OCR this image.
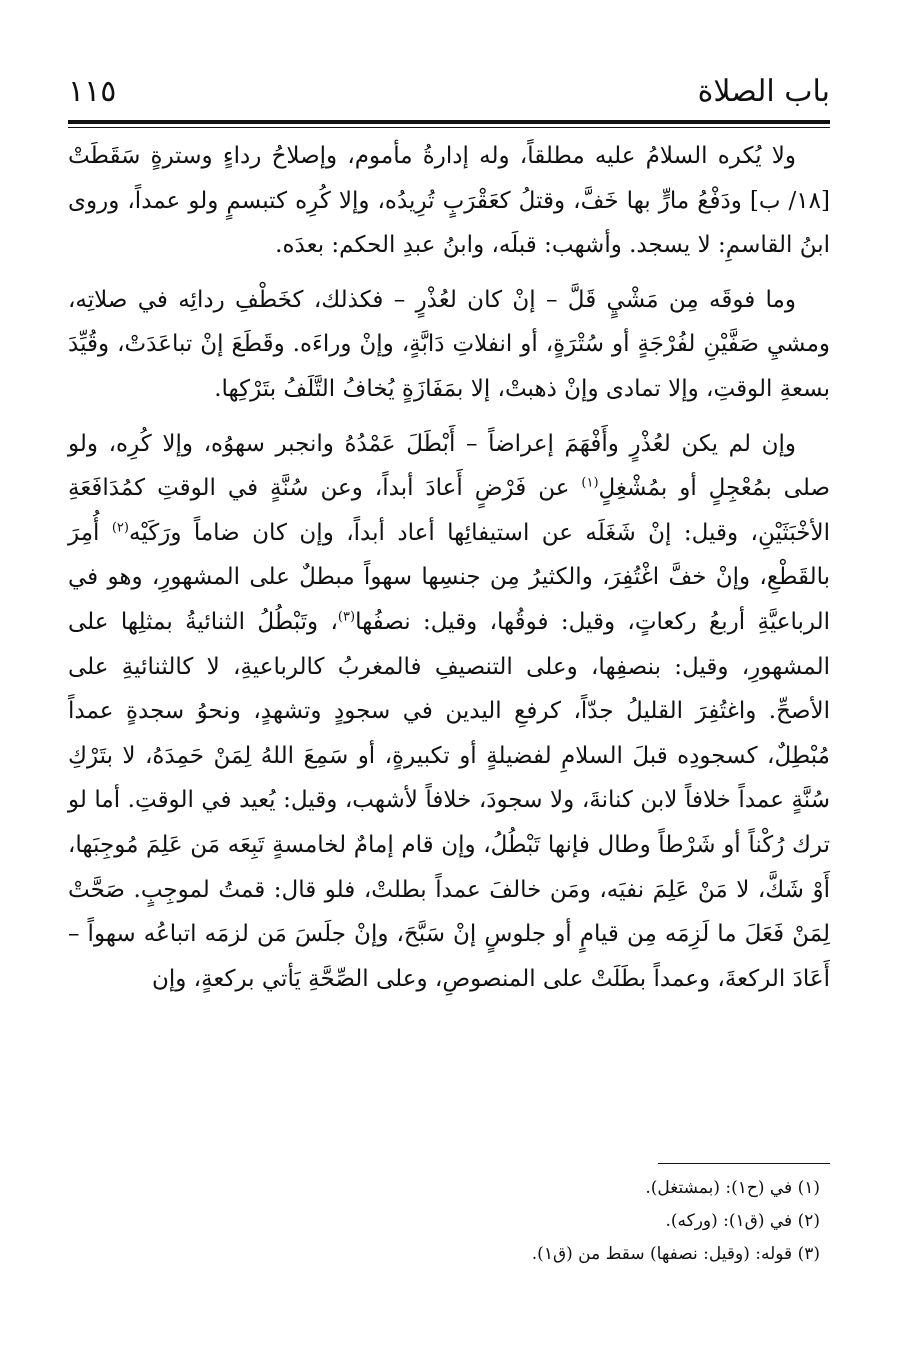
باب الصلاة
١١٥

ولا يُكره السلامُ عليه مطلقاً، وله إدارةُ مأموم، وإصلاحُ رداءٍ وسترةٍ سَقَطَتْ [١٨/ ب] ودَفْعُ مارٍّ بها خَفَّ، وقتلُ كعَقْرَبٍ تُرِيدُه، وإلا كُرِه كتبسمٍ ولو عمداً، وروى ابنُ القاسمِ: لا يسجد. وأشهب: قبلَه، وابنُ عبدِ الحكم: بعدَه.

وما فوقَه مِن مَشْيٍ قَلَّ – إنْ كان لعُذْرٍ – فكذلك، كخَطْفِ ردائِه في صلاتِه، ومشيِ صَفَّيْنِ لفُرْجَةٍ أو سُتْرَةٍ، أو انفلاتِ دَابَّةٍ، وإنْ وراءَه. وقَطَعَ إنْ تباعَدَتْ، وقُيِّدَ بسعةِ الوقتِ، وإلا تمادى وإنْ ذهبتْ، إلا بمَفَازَةٍ يُخافُ التَّلَفُ بتَرْكِها.

وإن لم يكن لعُذْرٍ وأَفْهَمَ إعراضاً – أَبْطَلَ عَمْدُهُ وانجبر سهوُه، وإلا كُرِه، ولو صلى بمُعْجِلٍ أو بمُشْغِلٍ$^{(١)}$ عن فَرْضٍ أَعادَ أبداً، وعن سُنَّةٍ في الوقتِ كمُدَافَعَةِ الأخْبَثَيْنِ، وقيل: إنْ شَغَلَه عن استيفائِها أعاد أبداً، وإن كان ضاماً ورَكَيْه$^{(٢)}$ أُمِرَ بالقَطْعِ، وإنْ خفَّ اغْتُفِرَ، والكثيرُ مِن جنسِها سهواً مبطلٌ على المشهورِ، وهو في الرباعيَّةِ أربعُ ركعاتٍ، وقيل: فوقُها، وقيل: نصفُها$^{(٣)}$، وتَبْطُلُ الثنائيةُ بمثلِها على المشهورِ، وقيل: بنصفِها، وعلى التنصيفِ فالمغربُ كالرباعيةِ، لا كالثنائيةِ على الأصحِّ. واغتُفِرَ القليلُ جدّاً، كرفعِ اليدين في سجودٍ وتشهدٍ، ونحوُ سجدةٍ عمداً مُبْطِلٌ، كسجودِه قبلَ السلامِ لفضيلةٍ أو تكبيرةٍ، أو سَمِعَ اللهُ لِمَنْ حَمِدَهُ، لا بتَرْكِ سُنَّةٍ عمداً خلافاً لابن كنانةَ، ولا سجودَ، خلافاً لأشهب، وقيل: يُعيد في الوقتِ. أما لو ترك رُكْناً أو شَرْطاً وطال فإنها تَبْطُلُ، وإن قام إمامٌ لخامسةٍ تَبِعَه مَن عَلِمَ مُوجِبَها، أَوْ شَكَّ، لا مَنْ عَلِمَ نفيَه، ومَن خالفَ عمداً بطلتْ، فلو قال: قمتُ لموجِبٍ. صَحَّتْ لِمَنْ فَعَلَ ما لَزِمَه مِن قيامٍ أو جلوسٍ إنْ سَبَّحَ، وإنْ جلَسَ مَن لزمَه اتباعُه سهواً – أَعَادَ الركعةَ، وعمداً بطَلَتْ على المنصوصِ، وعلى الصِّحَّةِ يَأتي بركعةٍ، وإن

(١) في (ح١): (بمشتغل).
(٢) في (ق١): (وركه).
(٣) قوله: (وقيل: نصفها) سقط من (ق١).
